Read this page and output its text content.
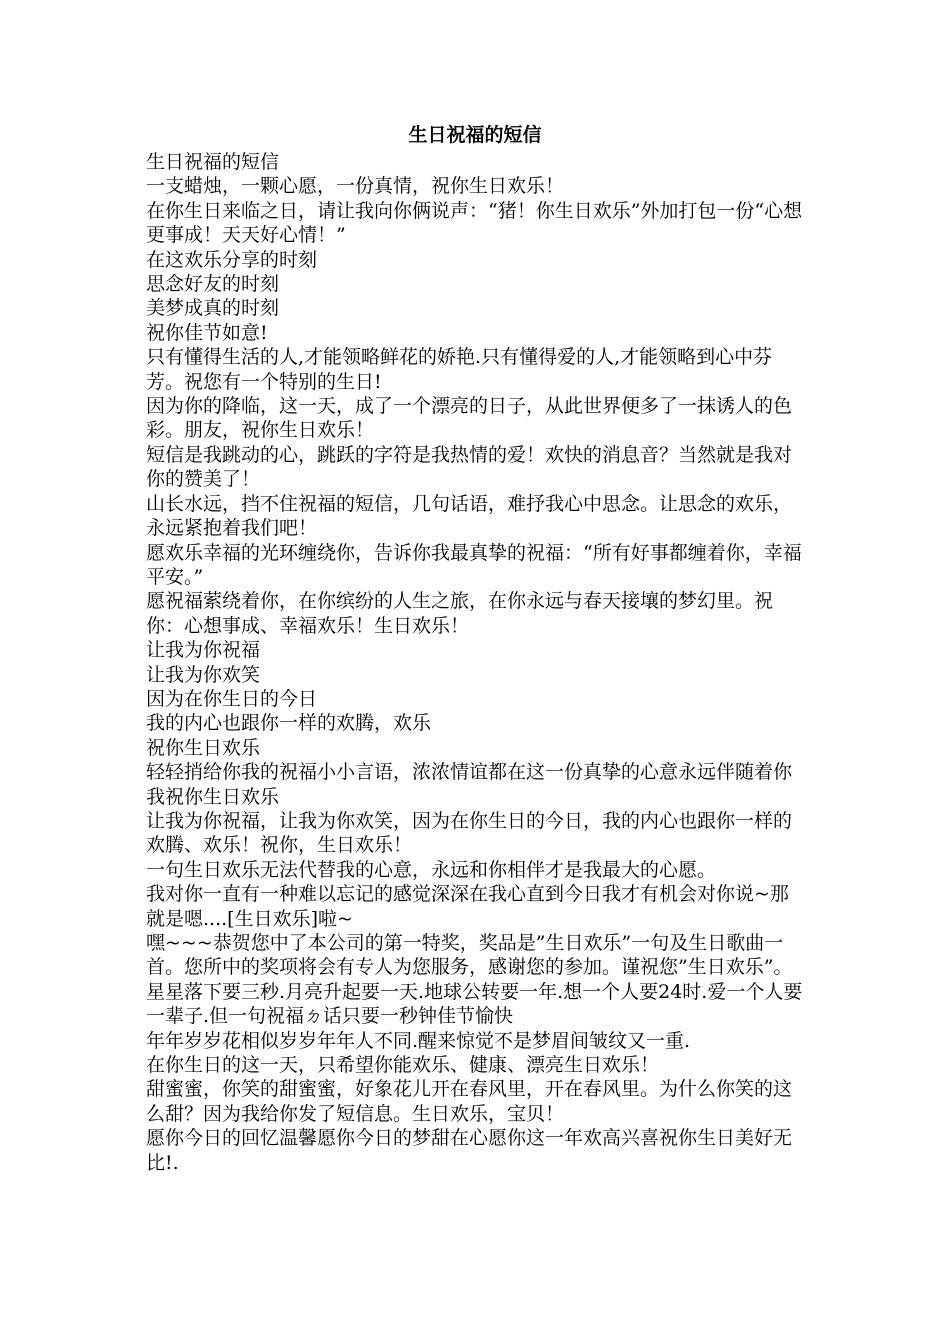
生日祝福的短信

生日祝福的短信

一支蜡烛，一颗心愿，一份真情，祝你生日欢乐！

在你生日来临之日，请让我向你俩说声：“猪！你生日欢乐”外加打包一份“心想更事成！天天好心情！”

在这欢乐分享的时刻

思念好友的时刻

美梦成真的时刻

祝你佳节如意!

只有懂得生活的人,才能领略鲜花的娇艳.只有懂得爱的人,才能领略到心中芬芳。祝您有一个特别的生日!

因为你的降临，这一天，成了一个漂亮的日子，从此世界便多了一抹诱人的色彩。朋友，祝你生日欢乐！

短信是我跳动的心，跳跃的字符是我热情的爱！欢快的消息音？当然就是我对你的赞美了！

山长水远，挡不住祝福的短信，几句话语，难抒我心中思念。让思念的欢乐，永远紧抱着我们吧！

愿欢乐幸福的光环缠绕你，告诉你我最真挚的祝福：“所有好事都缠着你，幸福平安。”

愿祝福萦绕着你，在你缤纷的人生之旅，在你永远与春天接壤的梦幻里。祝你：心想事成、幸福欢乐！生日欢乐！

让我为你祝福

让我为你欢笑

因为在你生日的今日

我的内心也跟你一样的欢腾，欢乐

祝你生日欢乐

轻轻捎给你我的祝福小小言语，浓浓情谊都在这一份真挚的心意永远伴随着你我祝你生日欢乐

让我为你祝福，让我为你欢笑，因为在你生日的今日，我的内心也跟你一样的欢腾、欢乐！祝你，生日欢乐！

一句生日欢乐无法代替我的心意，永远和你相伴才是我最大的心愿。

我对你一直有一种难以忘记的感觉深深在我心直到今日我才有机会对你说~那就是嗯....[生日欢乐]啦~

嘿~~~恭贺您中了本公司的第一特奖，奖品是”生日欢乐”一句及生日歌曲一首。您所中的奖项将会有专人为您服务，感谢您的参加。谨祝您”生日欢乐”。

星星落下要三秒.月亮升起要一天.地球公转要一年.想一个人要24时.爱一个人要一辈子.但一句祝福ㄉ话只要一秒钟佳节愉快

年年岁岁花相似岁岁年年人不同.醒来惊觉不是梦眉间皱纹又一重.

在你生日的这一天，只希望你能欢乐、健康、漂亮生日欢乐！

甜蜜蜜，你笑的甜蜜蜜，好象花儿开在春风里，开在春风里。为什么你笑的这么甜？因为我给你发了短信息。生日欢乐，宝贝！

愿你今日的回忆温馨愿你今日的梦甜在心愿你这一年欢高兴喜祝你生日美好无比!.
